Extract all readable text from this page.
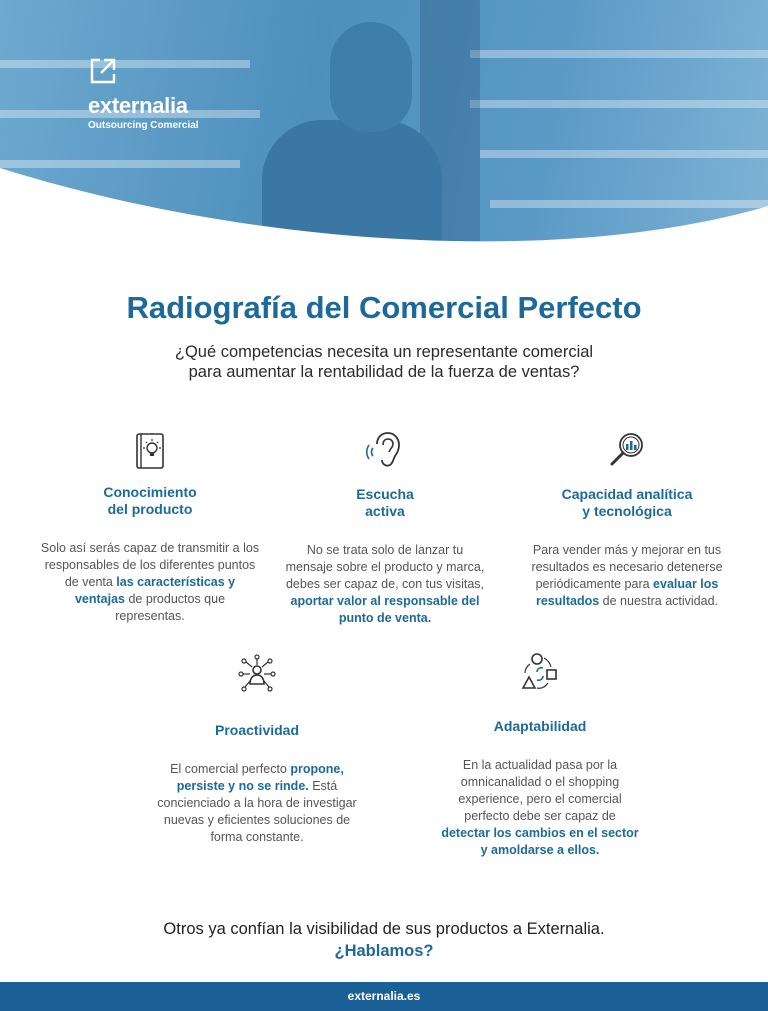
externalia
Outsourcing Comercial
Radiografía del Comercial Perfecto

¿Qué competencias necesita un representante comercial
para aumentar la rentabilidad de la fuerza de ventas?

Conocimiento
del producto

Solo así serás capaz de transmitir a los responsables de los diferentes puntos de venta las características y ventajas de productos que representas.

Escucha
activa

No se trata solo de lanzar tu mensaje sobre el producto y marca, debes ser capaz de, con tus visitas, aportar valor al responsable del punto de venta.

Capacidad analítica
y tecnológica

Para vender más y mejorar en tus resultados es necesario detenerse periódicamente para evaluar los resultados de nuestra actividad.

Proactividad

El comercial perfecto propone, persiste y no se rinde. Está concienciado a la hora de investigar nuevas y eficientes soluciones de forma constante.

Adaptabilidad

En la actualidad pasa por la omnicanalidad o el shopping experience, pero el comercial perfecto debe ser capaz de detectar los cambios en el sector y amoldarse a ellos.

Otros ya confían la visibilidad de sus productos a Externalia.
¿Hablamos?
externalia.es
